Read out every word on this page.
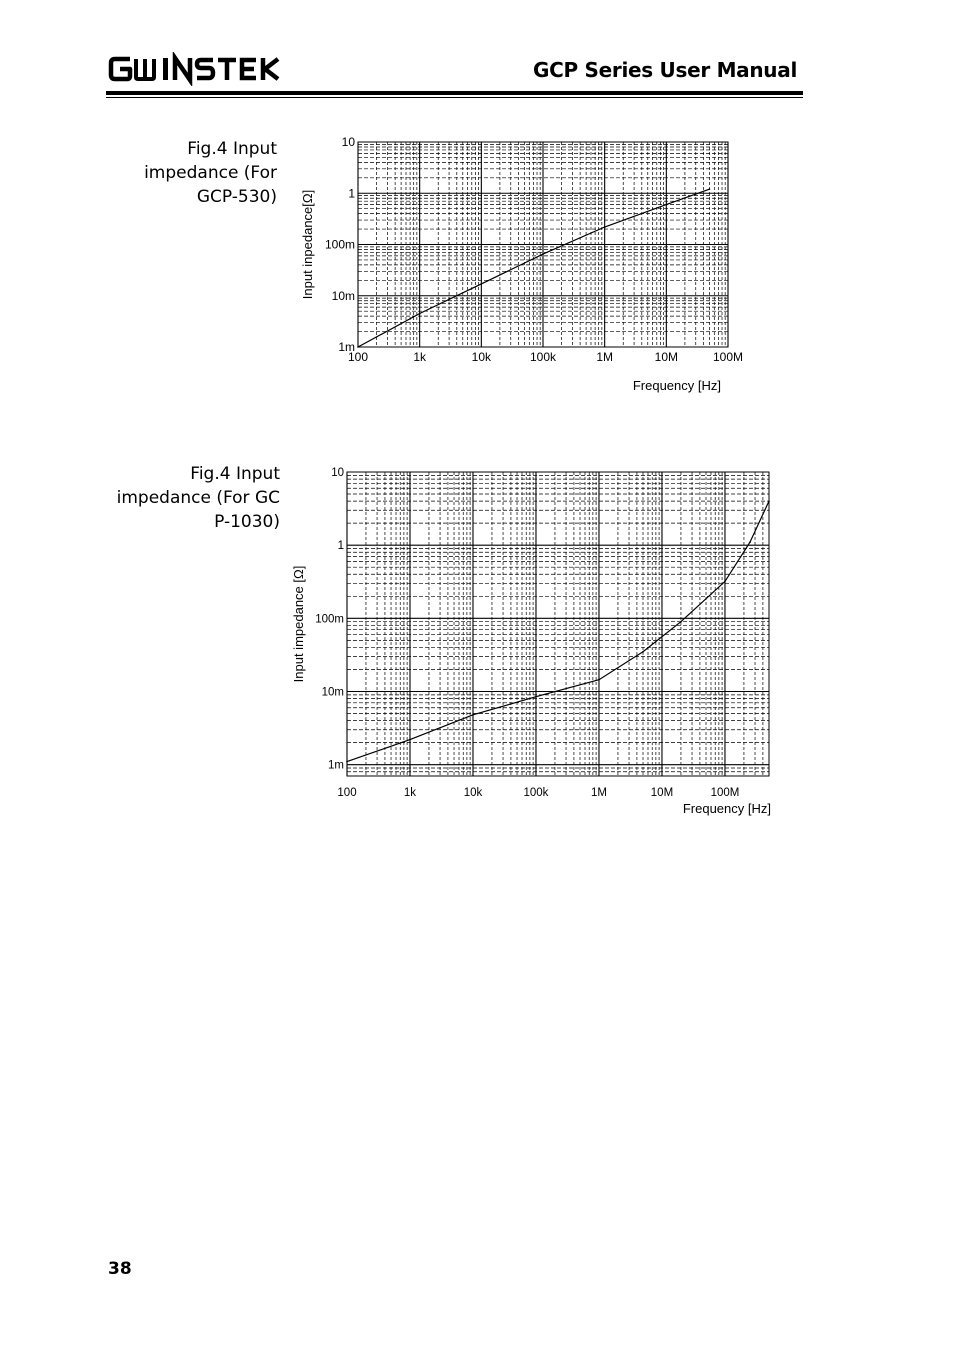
GCP Series User Manual
Fig.4 Input
impedance (For
GCP-530)
100	1k	10k	100k	1M	10M	100M
1m
10m
100m
1
10
Frequency [Hz]
Input inpedance[Ω]
Fig.4 Input
impedance (For GC
P-1030)
100	1k	10k	100k	1M	10M	100M
1m
10m
100m
1
10
Frequency [Hz]
Input impedance [Ω]
38
